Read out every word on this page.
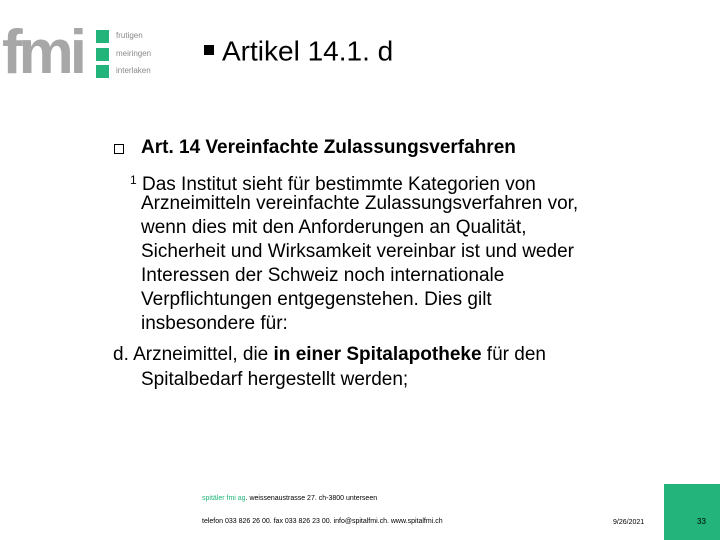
fmi	frutigen
meiringen
interlaken
Artikel 14.1. d
Art. 14 Vereinfachte Zulassungsverfahren
$^1$ Das Institut sieht für bestimmte Kategorien von
Arzneimitteln vereinfachte Zulassungsverfahren vor,
wenn dies mit den Anforderungen an Qualität,
Sicherheit und Wirksamkeit vereinbar ist und weder
Interessen der Schweiz noch internationale
Verpflichtungen entgegenstehen. Dies gilt
insbesondere für:
d. Arzneimittel, die in einer Spitalapotheke für den
Spitalbedarf hergestellt werden;
spitäler fmi ag. weissenaustrasse 27. ch-3800 unterseen
telefon 033 826 26 00. fax 033 826 23 00. info@spitalfmi.ch. www.spitalfmi.ch	9/26/2021	33
